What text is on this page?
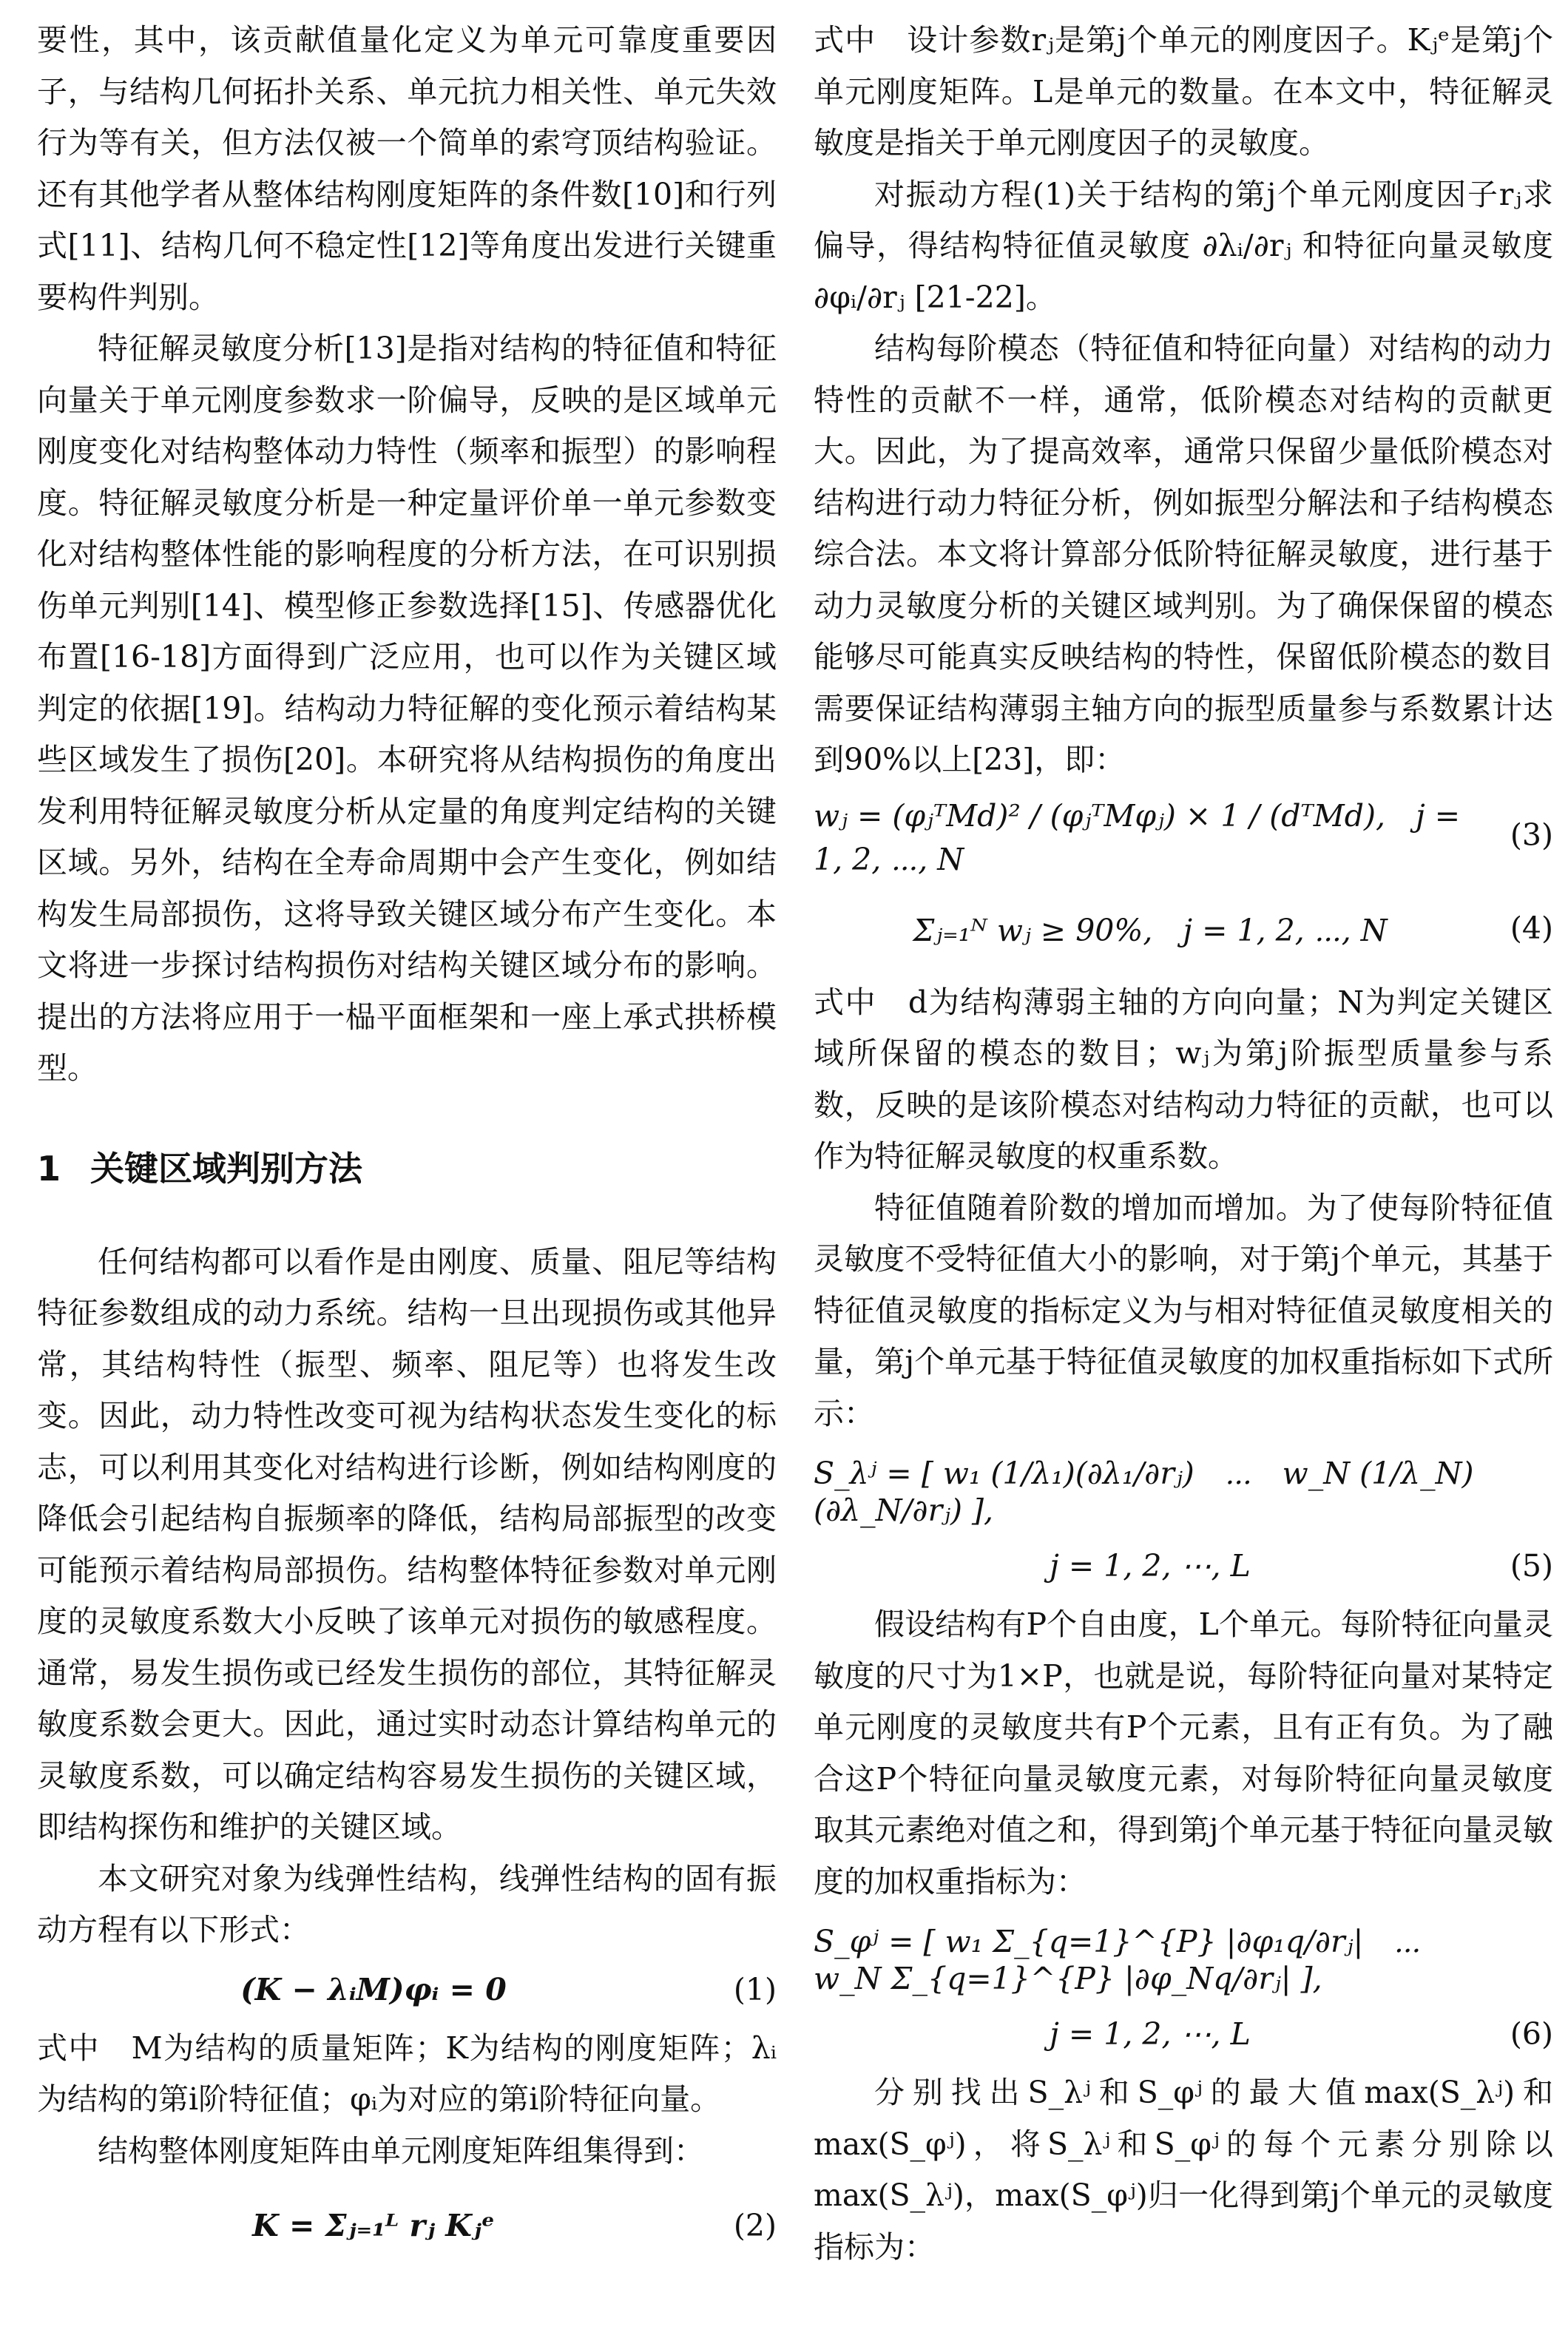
要性，其中，该贡献值量化定义为单元可靠度重要因子，与结构几何拓扑关系、单元抗力相关性、单元失效行为等有关，但方法仅被一个简单的索穹顶结构验证。还有其他学者从整体结构刚度矩阵的条件数[10]和行列式[11]、结构几何不稳定性[12]等角度出发进行关键重要构件判别。

特征解灵敏度分析[13]是指对结构的特征值和特征向量关于单元刚度参数求一阶偏导，反映的是区域单元刚度变化对结构整体动力特性（频率和振型）的影响程度。特征解灵敏度分析是一种定量评价单一单元参数变化对结构整体性能的影响程度的分析方法，在可识别损伤单元判别[14]、模型修正参数选择[15]、传感器优化布置[16-18]方面得到广泛应用，也可以作为关键区域判定的依据[19]。结构动力特征解的变化预示着结构某些区域发生了损伤[20]。本研究将从结构损伤的角度出发利用特征解灵敏度分析从定量的角度判定结构的关键区域。另外，结构在全寿命周期中会产生变化，例如结构发生局部损伤，这将导致关键区域分布产生变化。本文将进一步探讨结构损伤对结构关键区域分布的影响。提出的方法将应用于一榀平面框架和一座上承式拱桥模型。

1 关键区域判别方法

任何结构都可以看作是由刚度、质量、阻尼等结构特征参数组成的动力系统。结构一旦出现损伤或其他异常，其结构特性（振型、频率、阻尼等）也将发生改变。因此，动力特性改变可视为结构状态发生变化的标志，可以利用其变化对结构进行诊断，例如结构刚度的降低会引起结构自振频率的降低，结构局部振型的改变可能预示着结构局部损伤。结构整体特征参数对单元刚度的灵敏度系数大小反映了该单元对损伤的敏感程度。通常，易发生损伤或已经发生损伤的部位，其特征解灵敏度系数会更大。因此，通过实时动态计算结构单元的灵敏度系数，可以确定结构容易发生损伤的关键区域，即结构探伤和维护的关键区域。

本文研究对象为线弹性结构，线弹性结构的固有振动方程有以下形式：

(K − λᵢM)φᵢ = 0	(1)

式中　M为结构的质量矩阵；K为结构的刚度矩阵；λᵢ为结构的第i阶特征值；φᵢ为对应的第i阶特征向量。

结构整体刚度矩阵由单元刚度矩阵组集得到：

K = Σⱼ₌₁ᴸ rⱼ Kⱼᵉ	(2)

式中　设计参数rⱼ是第j个单元的刚度因子。Kⱼᵉ是第j个单元刚度矩阵。L是单元的数量。在本文中，特征解灵敏度是指关于单元刚度因子的灵敏度。

对振动方程(1)关于结构的第j个单元刚度因子rⱼ求偏导，得结构特征值灵敏度 ∂λᵢ/∂rⱼ 和特征向量灵敏度 ∂φᵢ/∂rⱼ [21-22]。

结构每阶模态（特征值和特征向量）对结构的动力特性的贡献不一样，通常，低阶模态对结构的贡献更大。因此，为了提高效率，通常只保留少量低阶模态对结构进行动力特征分析，例如振型分解法和子结构模态综合法。本文将计算部分低阶特征解灵敏度，进行基于动力灵敏度分析的关键区域判别。为了确保保留的模态能够尽可能真实反映结构的特性，保留低阶模态的数目需要保证结构薄弱主轴方向的振型质量参与系数累计达到90%以上[23]，即：

wⱼ = (φⱼᵀMd)² / (φⱼᵀMφⱼ) × 1 / (dᵀMd),　j = 1, 2, ⋯, N
(3)
Σⱼ₌₁ᴺ wⱼ ≥ 90%,　j = 1, 2, ⋯, N	(4)

式中　d为结构薄弱主轴的方向向量；N为判定关键区域所保留的模态的数目；wⱼ为第j阶振型质量参与系数，反映的是该阶模态对结构动力特征的贡献，也可以作为特征解灵敏度的权重系数。

特征值随着阶数的增加而增加。为了使每阶特征值灵敏度不受特征值大小的影响，对于第j个单元，其基于特征值灵敏度的指标定义为与相对特征值灵敏度相关的量，第j个单元基于特征值灵敏度的加权重指标如下式所示：

S_λʲ = [ w₁ (1/λ₁)(∂λ₁/∂rⱼ)　⋯　w_N (1/λ_N)(∂λ_N/∂rⱼ) ],
j = 1, 2, ⋯, L	(5)

假设结构有P个自由度，L个单元。每阶特征向量灵敏度的尺寸为1×P，也就是说，每阶特征向量对某特定单元刚度的灵敏度共有P个元素，且有正有负。为了融合这P个特征向量灵敏度元素，对每阶特征向量灵敏度取其元素绝对值之和，得到第j个单元基于特征向量灵敏度的加权重指标为：

S_φʲ = [ w₁ Σ_{q=1}^{P} |∂φ₁q/∂rⱼ|　⋯　w_N Σ_{q=1}^{P} |∂φ_Nq/∂rⱼ| ],
j = 1, 2, ⋯, L	(6)

分别找出S_λʲ和S_φʲ的最大值max(S_λʲ)和max(S_φʲ)，将S_λʲ和S_φʲ的每个元素分别除以max(S_λʲ)，max(S_φʲ)归一化得到第j个单元的灵敏度指标为：
